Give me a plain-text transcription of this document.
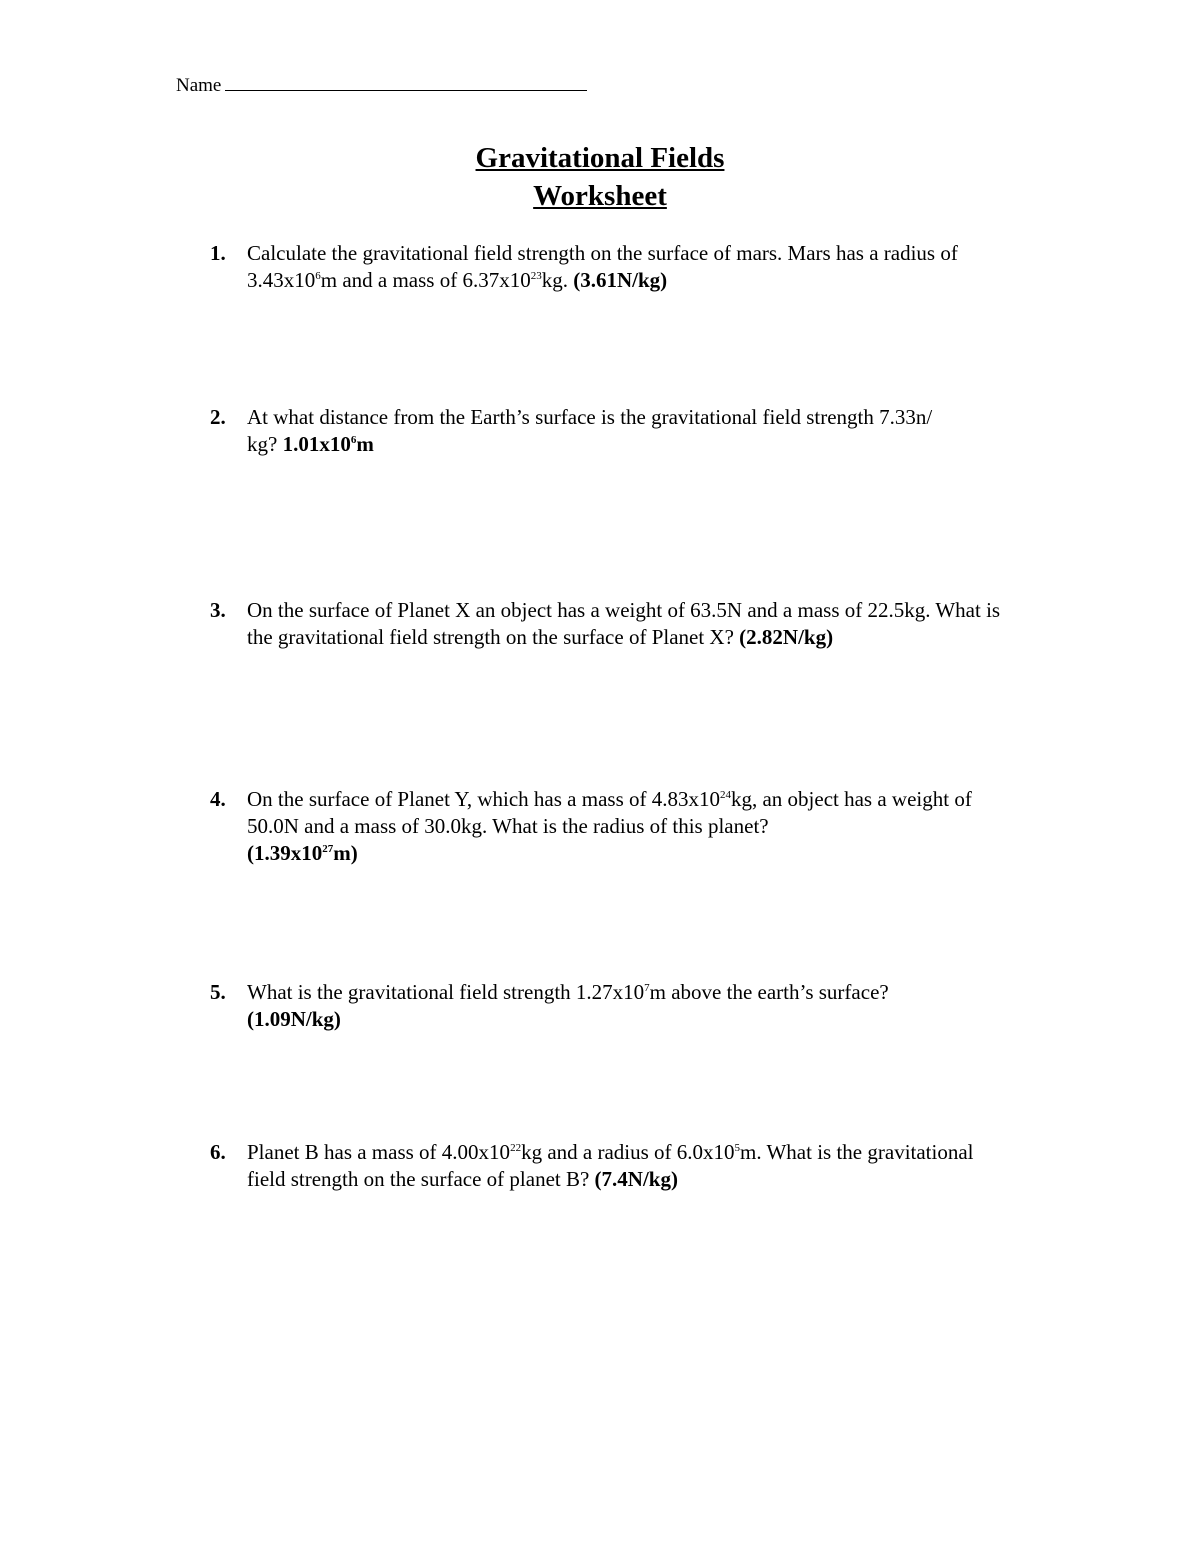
Name
Gravitational Fields
Worksheet
1. Calculate the gravitational field strength on the surface of mars. Mars has a radius of $3.43x10^6m$ and a mass of $6.37x10^{23}kg$. (3.61N/kg)
2. At what distance from the Earth’s surface is the gravitational field strength 7.33n/
kg? $1.01x10^6m$
3. On the surface of Planet X an object has a weight of 63.5N and a mass of 22.5kg. What is the gravitational field strength on the surface of Planet X? (2.82N/kg)
4. On the surface of Planet Y, which has a mass of $4.83x10^{24}kg$, an object has a weight of 50.0N and a mass of 30.0kg. What is the radius of this planet?
$(1.39x10^{27}m)$
5. What is the gravitational field strength $1.27x10^7m$ above the earth’s surface?
(1.09N/kg)
6. Planet B has a mass of $4.00x10^{22}kg$ and a radius of $6.0x10^5m$. What is the gravitational field strength on the surface of planet B? (7.4N/kg)
